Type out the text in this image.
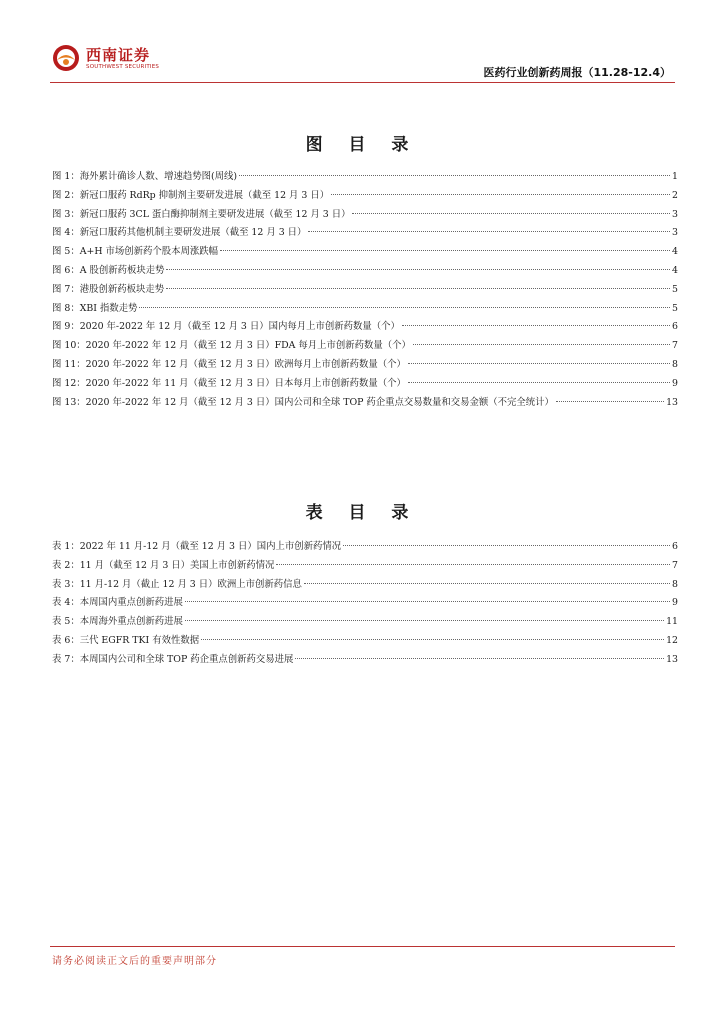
西南证券
SOUTHWEST SECURITIES	医药行业创新药周报（11.28-12.4）
图 目 录
图 1：海外累计确诊人数、增速趋势图(周线)	1
图 2：新冠口服药 RdRp 抑制剂主要研发进展（截至 12 月 3 日）	2
图 3：新冠口服药 3CL 蛋白酶抑制剂主要研发进展（截至 12 月 3 日）	3
图 4：新冠口服药其他机制主要研发进展（截至 12 月 3 日）	3
图 5：A+H 市场创新药个股本周涨跌幅	4
图 6：A 股创新药板块走势	4
图 7：港股创新药板块走势	5
图 8：XBI 指数走势	5
图 9：2020 年-2022 年 12 月（截至 12 月 3 日）国内每月上市创新药数量（个）	6
图 10：2020 年-2022 年 12 月（截至 12 月 3 日）FDA 每月上市创新药数量（个）	7
图 11：2020 年-2022 年 12 月（截至 12 月 3 日）欧洲每月上市创新药数量（个）	8
图 12：2020 年-2022 年 11 月（截至 12 月 3 日）日本每月上市创新药数量（个）	9
图 13：2020 年-2022 年 12 月（截至 12 月 3 日）国内公司和全球 TOP 药企重点交易数量和交易金额（不完全统计）	13
表 目 录
表 1：2022 年 11 月-12 月（截至 12 月 3 日）国内上市创新药情况	6
表 2：11 月（截至 12 月 3 日）美国上市创新药情况	7
表 3：11 月-12 月（截止 12 月 3 日）欧洲上市创新药信息	8
表 4：本周国内重点创新药进展	9
表 5：本周海外重点创新药进展	11
表 6：三代 EGFR TKI 有效性数据	12
表 7：本周国内公司和全球 TOP 药企重点创新药交易进展	13
请务必阅读正文后的重要声明部分
